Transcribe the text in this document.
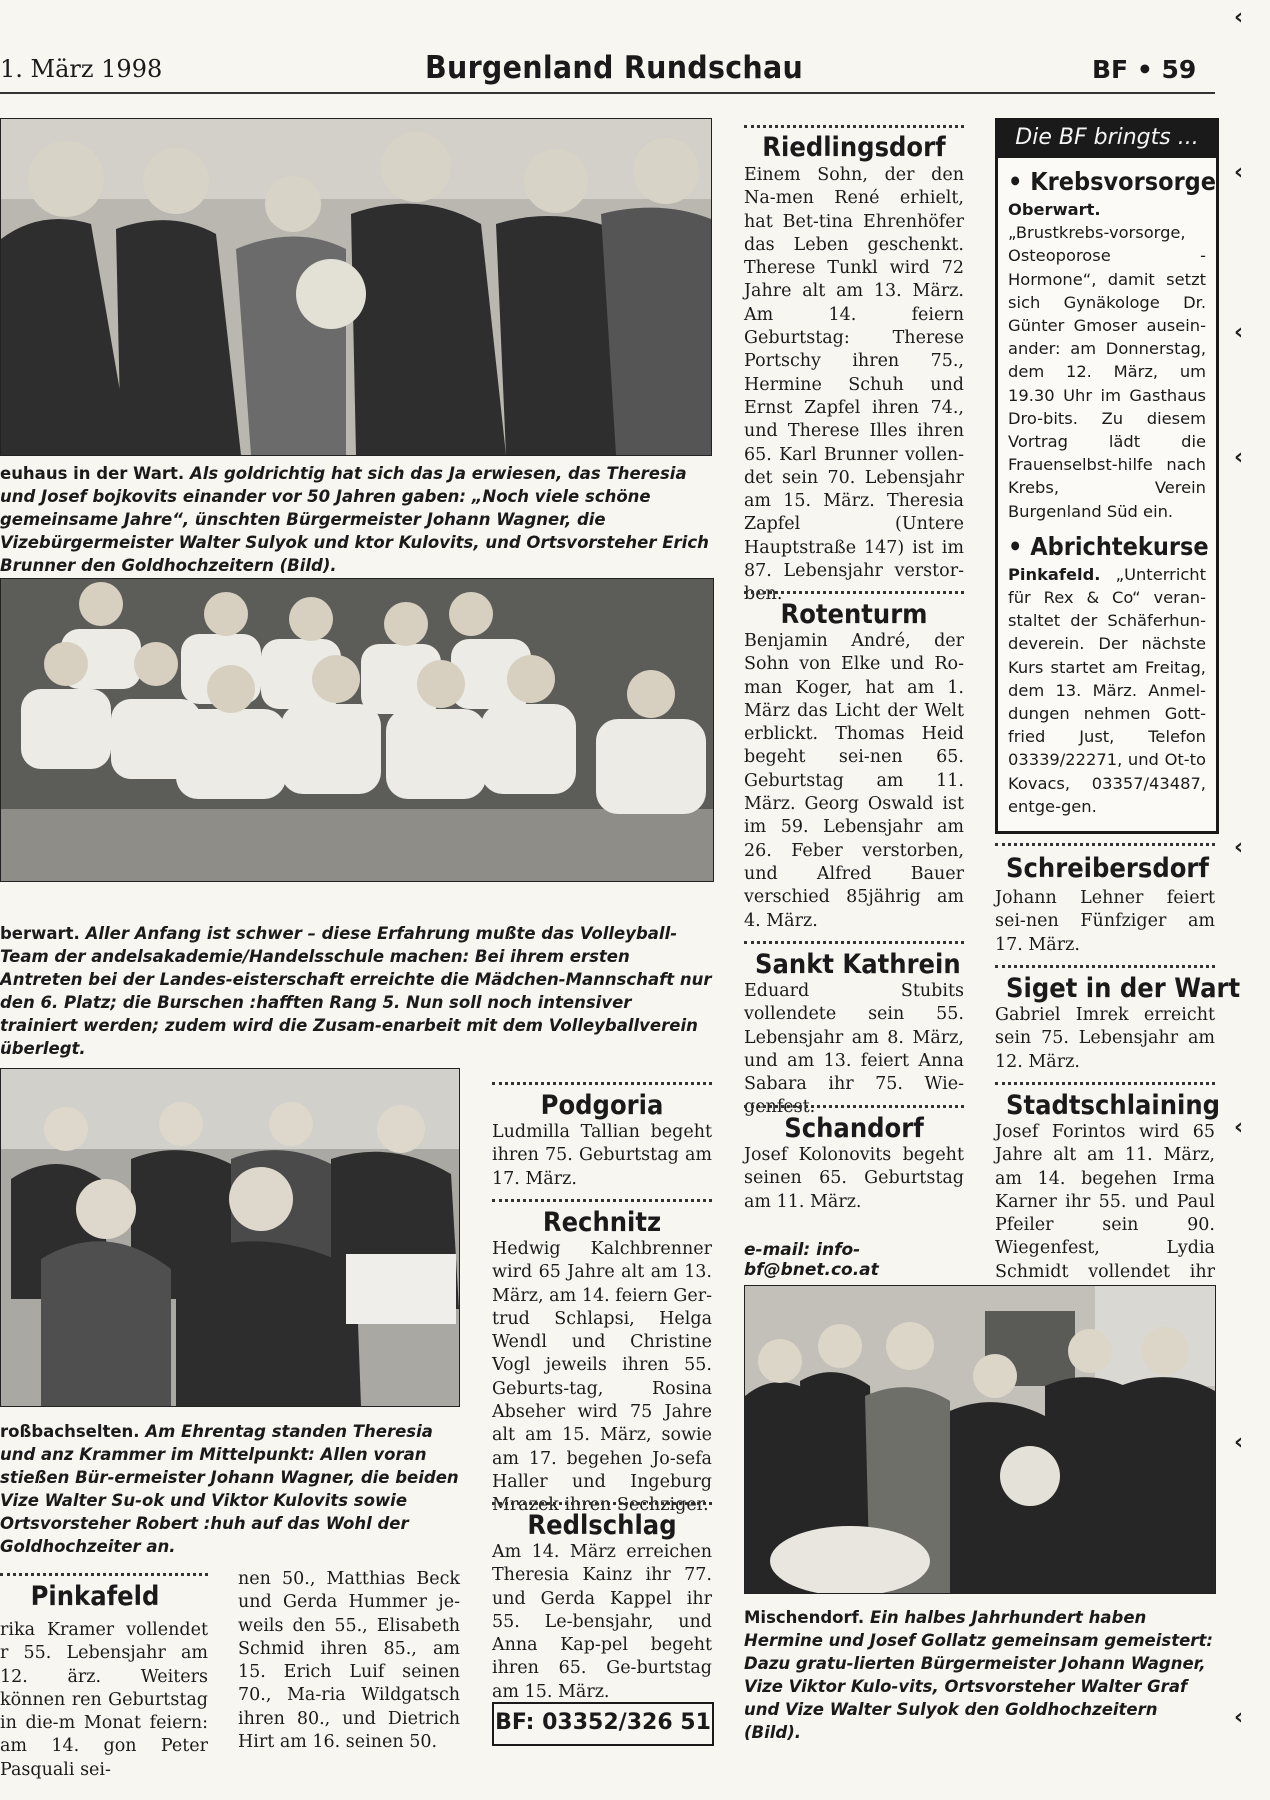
1. März 1998	Burgenland Rundschau	BF • 59
euhaus in der Wart. Als goldrichtig hat sich das Ja erwiesen, das Theresia und Josef bojkovits einander vor 50 Jahren gaben: „Noch viele schöne gemeinsame Jahre“, ünschten Bürgermeister Johann Wagner, die Vizebürgermeister Walter Sulyok und ktor Kulovits, und Ortsvorsteher Erich Brunner den Goldhochzeitern (Bild).
berwart. Aller Anfang ist schwer – diese Erfahrung mußte das Volleyball-Team der andelsakademie/Handelsschule machen: Bei ihrem ersten Antreten bei der Landes-eisterschaft erreichte die Mädchen-Mannschaft nur den 6. Platz; die Burschen :hafften Rang 5. Nun soll noch intensiver trainiert werden; zudem wird die Zusam-enarbeit mit dem Volleyballverein überlegt.
roßbachselten. Am Ehrentag standen Theresia und anz Krammer im Mittelpunkt: Allen voran stießen Bür-ermeister Johann Wagner, die beiden Vize Walter Su-ok und Viktor Kulovits sowie Ortsvorsteher Robert :huh auf das Wohl der Goldhochzeiter an.
Pinkafeld
rika Kramer vollendet r 55. Lebensjahr am 12. ärz. Weiters können ren Geburtstag in die-m Monat feiern: am 14. gon Peter Pasquali sei-
nen 50., Matthias Beck und Gerda Hummer je-weils den 55., Elisabeth Schmid ihren 85., am 15. Erich Luif seinen 70., Ma-ria Wildgatsch ihren 80., und Dietrich Hirt am 16. seinen 50.
Podgoria
Ludmilla Tallian begeht ihren 75. Geburtstag am 17. März.
Rechnitz
Hedwig Kalchbrenner wird 65 Jahre alt am 13. März, am 14. feiern Ger-trud Schlapsi, Helga Wendl und Christine Vogl jeweils ihren 55. Geburts-tag, Rosina Abseher wird 75 Jahre alt am 15. März, sowie am 17. begehen Jo-sefa Haller und Ingeburg Mrazek ihren Sechziger.
Redlschlag
Am 14. März erreichen Theresia Kainz ihr 77. und Gerda Kappel ihr 55. Le-bensjahr, und Anna Kap-pel begeht ihren 65. Ge-burtstag am 15. März.
BF: 03352/326 51
Riedlingsdorf
Einem Sohn, der den Na-men René erhielt, hat Bet-tina Ehrenhöfer das Leben geschenkt. Therese Tunkl wird 72 Jahre alt am 13. März. Am 14. feiern Geburtstag: Therese Portschy ihren 75., Hermine Schuh und Ernst Zapfel ihren 74., und Therese Illes ihren 65. Karl Brunner vollen-det sein 70. Lebensjahr am 15. März. Theresia Zapfel (Untere Hauptstraße 147) ist im 87. Lebensjahr verstor-ben.
Rotenturm
Benjamin André, der Sohn von Elke und Ro-man Koger, hat am 1. März das Licht der Welt erblickt. Thomas Heid begeht sei-nen 65. Geburtstag am 11. März. Georg Oswald ist im 59. Lebensjahr am 26. Feber verstorben, und Alfred Bauer verschied 85jährig am 4. März.
Sankt Kathrein
Eduard Stubits vollendete sein 55. Lebensjahr am 8. März, und am 13. feiert Anna Sabara ihr 75. Wie-genfest.
Schandorf
Josef Kolonovits begeht seinen 65. Geburtstag am 11. März.
e-mail: info-bf@bnet.co.at
Die BF bringts ...
• Krebsvorsorge
Oberwart. „Brustkrebs-vorsorge, Osteoporose - Hormone“, damit setzt sich Gynäkologe Dr. Günter Gmoser ausein-ander: am Donnerstag, dem 12. März, um 19.30 Uhr im Gasthaus Dro-bits. Zu diesem Vortrag lädt die Frauenselbst-hilfe nach Krebs, Verein Burgenland Süd ein.
• Abrichtekurse
Pinkafeld. „Unterricht für Rex & Co“ veran-staltet der Schäferhun-deverein. Der nächste Kurs startet am Freitag, dem 13. März. Anmel-dungen nehmen Gott-fried Just, Telefon 03339/22271, und Ot-to Kovacs, 03357/43487, entge-gen.
Schreibersdorf
Johann Lehner feiert sei-nen Fünfziger am 17. März.
Siget in der Wart
Gabriel Imrek erreicht sein 75. Lebensjahr am 12. März.
Stadtschlaining
Josef Forintos wird 65 Jahre alt am 11. März, am 14. begehen Irma Karner ihr 55. und Paul Pfeiler sein 90. Wiegenfest, Lydia Schmidt vollendet ihr
Mischendorf. Ein halbes Jahrhundert haben Hermine und Josef Gollatz gemeinsam gemeistert: Dazu gratu-lierten Bürgermeister Johann Wagner, Vize Viktor Kulo-vits, Ortsvorsteher Walter Graf und Vize Walter Sulyok den Goldhochzeitern (Bild).
‹
‹
‹
‹
‹
‹
‹
‹
